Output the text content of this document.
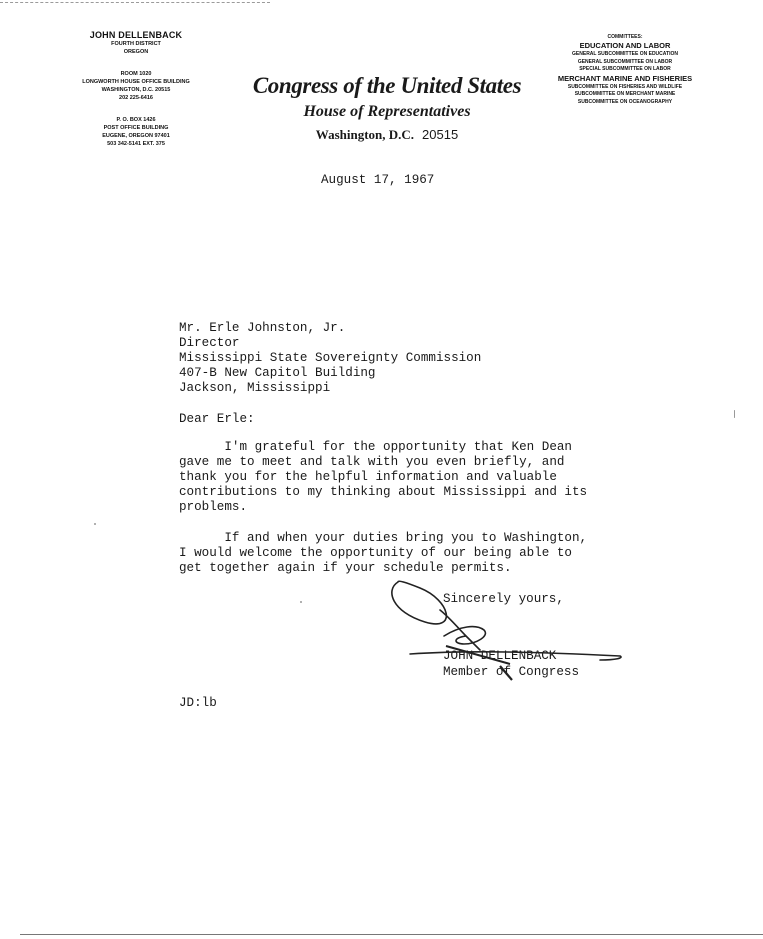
JOHN DELLENBACK
FOURTH DISTRICT
OREGON
ROOM 1020
LONGWORTH HOUSE OFFICE BUILDING
WASHINGTON, D.C. 20515
202 225-6416
P. O. BOX 1426
POST OFFICE BUILDING
EUGENE, OREGON 97401
503 342-5141 EXT. 375
Congress of the United States
House of Representatives
Washington, D.C. 20515
COMMITTEES:
EDUCATION AND LABOR
GENERAL SUBCOMMITTEE ON EDUCATION
GENERAL SUBCOMMITTEE ON LABOR
SPECIAL SUBCOMMITTEE ON LABOR
MERCHANT MARINE AND FISHERIES
SUBCOMMITTEE ON FISHERIES AND WILDLIFE
SUBCOMMITTEE ON MERCHANT MARINE
SUBCOMMITTEE ON OCEANOGRAPHY
August 17, 1967
Mr. Erle Johnston, Jr.
Director
Mississippi State Sovereignty Commission
407-B New Capitol Building
Jackson, Mississippi
Dear Erle:
I'm grateful for the opportunity that Ken Dean
gave me to meet and talk with you even briefly, and
thank you for the helpful information and valuable
contributions to my thinking about Mississippi and its
problems.
If and when your duties bring you to Washington,
I would welcome the opportunity of our being able to
get together again if your schedule permits.
Sincerely yours,
JOHN DELLENBACK
Member of Congress
JD:lb
